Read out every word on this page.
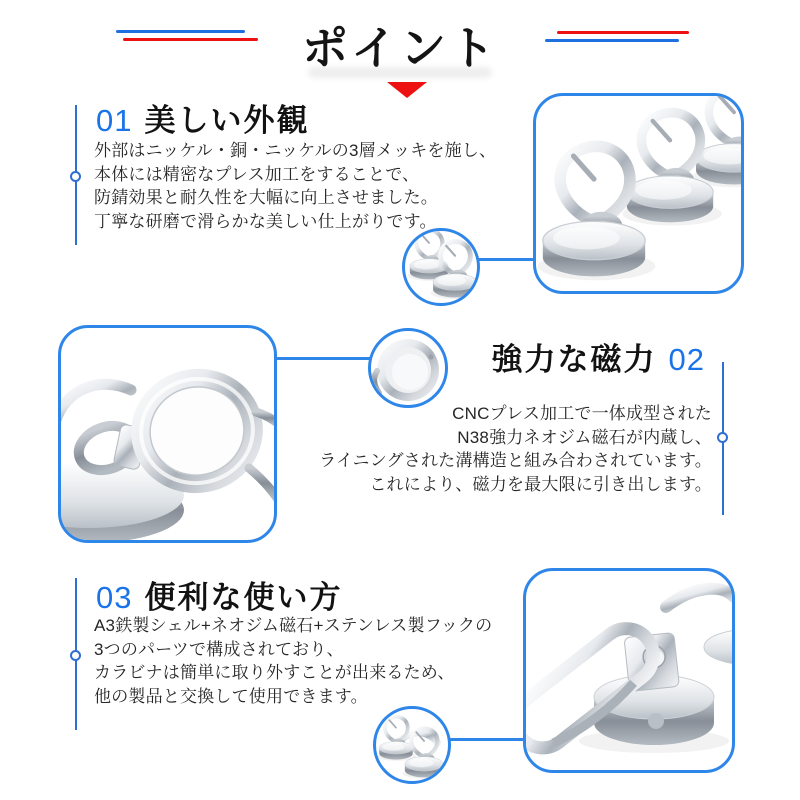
ポイント
01 美しい外観
外部はニッケル・銅・ニッケルの3層メッキを施し、
本体には精密なプレス加工をすることで、
防錆効果と耐久性を大幅に向上させました。
丁寧な研磨で滑らかな美しい仕上がりです。
強力な磁力 02
CNCプレス加工で一体成型された
N38強力ネオジム磁石が内蔵し、
ライニングされた溝構造と組み合わされています。
これにより、磁力を最大限に引き出します。
03 便利な使い方
A3鉄製シェル+ネオジム磁石+ステンレス製フックの
3つのパーツで構成されており、
カラビナは簡単に取り外すことが出来るため、
他の製品と交換して使用できます。
